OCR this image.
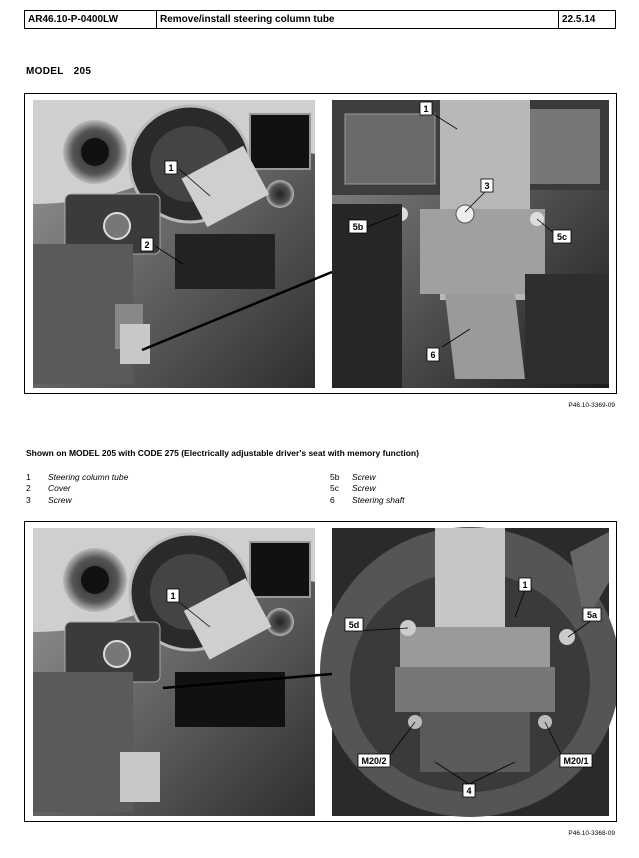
AR46.10-P-0400LW	Remove/install steering column tube	22.5.14
MODEL 205
1
2
3
5b
5c
6
1
P46.10-3369-09
Shown on MODEL 205 with CODE 275 (Electrically adjustable driver's seat with memory function)
1	Steering column tube
2	Cover
3	Screw
5b	Screw
5c	Screw
6	Steering shaft
1
1
5d
5a
M20/2	M20/1
4
P46.10-3368-09
